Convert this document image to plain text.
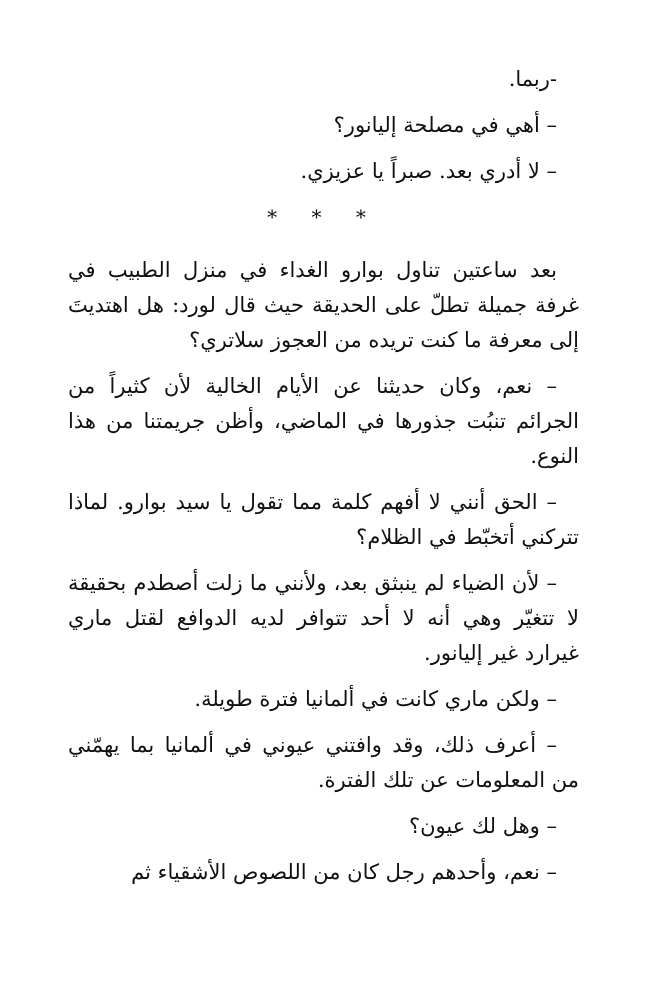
-ربما.

– أهي في مصلحة إليانور؟

– لا أدري بعد. صبراً يا عزيزي.

* * *

بعد ساعتين تناول بوارو الغداء في منزل الطبيب في غرفة جميلة تطلّ على الحديقة حيث قال لورد: هل اهتديتَ إلى معرفة ما كنت تريده من العجوز سلاتري؟

– نعم، وكان حديثنا عن الأيام الخالية لأن كثيراً من الجرائم تنبُت جذورها في الماضي، وأظن جريمتنا من هذا النوع.

– الحق أنني لا أفهم كلمة مما تقول يا سيد بوارو. لماذا تتركني أتخبّط في الظلام؟

– لأن الضياء لم ينبثق بعد، ولأنني ما زلت أصطدم بحقيقة لا تتغيّر وهي أنه لا أحد تتوافر لديه الدوافع لقتل ماري غيرارد غير إليانور.

– ولكن ماري كانت في ألمانيا فترة طويلة.

– أعرف ذلك، وقد وافتني عيوني في ألمانيا بما يهمّني من المعلومات عن تلك الفترة.

– وهل لك عيون؟

– نعم، وأحدهم رجل كان من اللصوص الأشقياء ثم
